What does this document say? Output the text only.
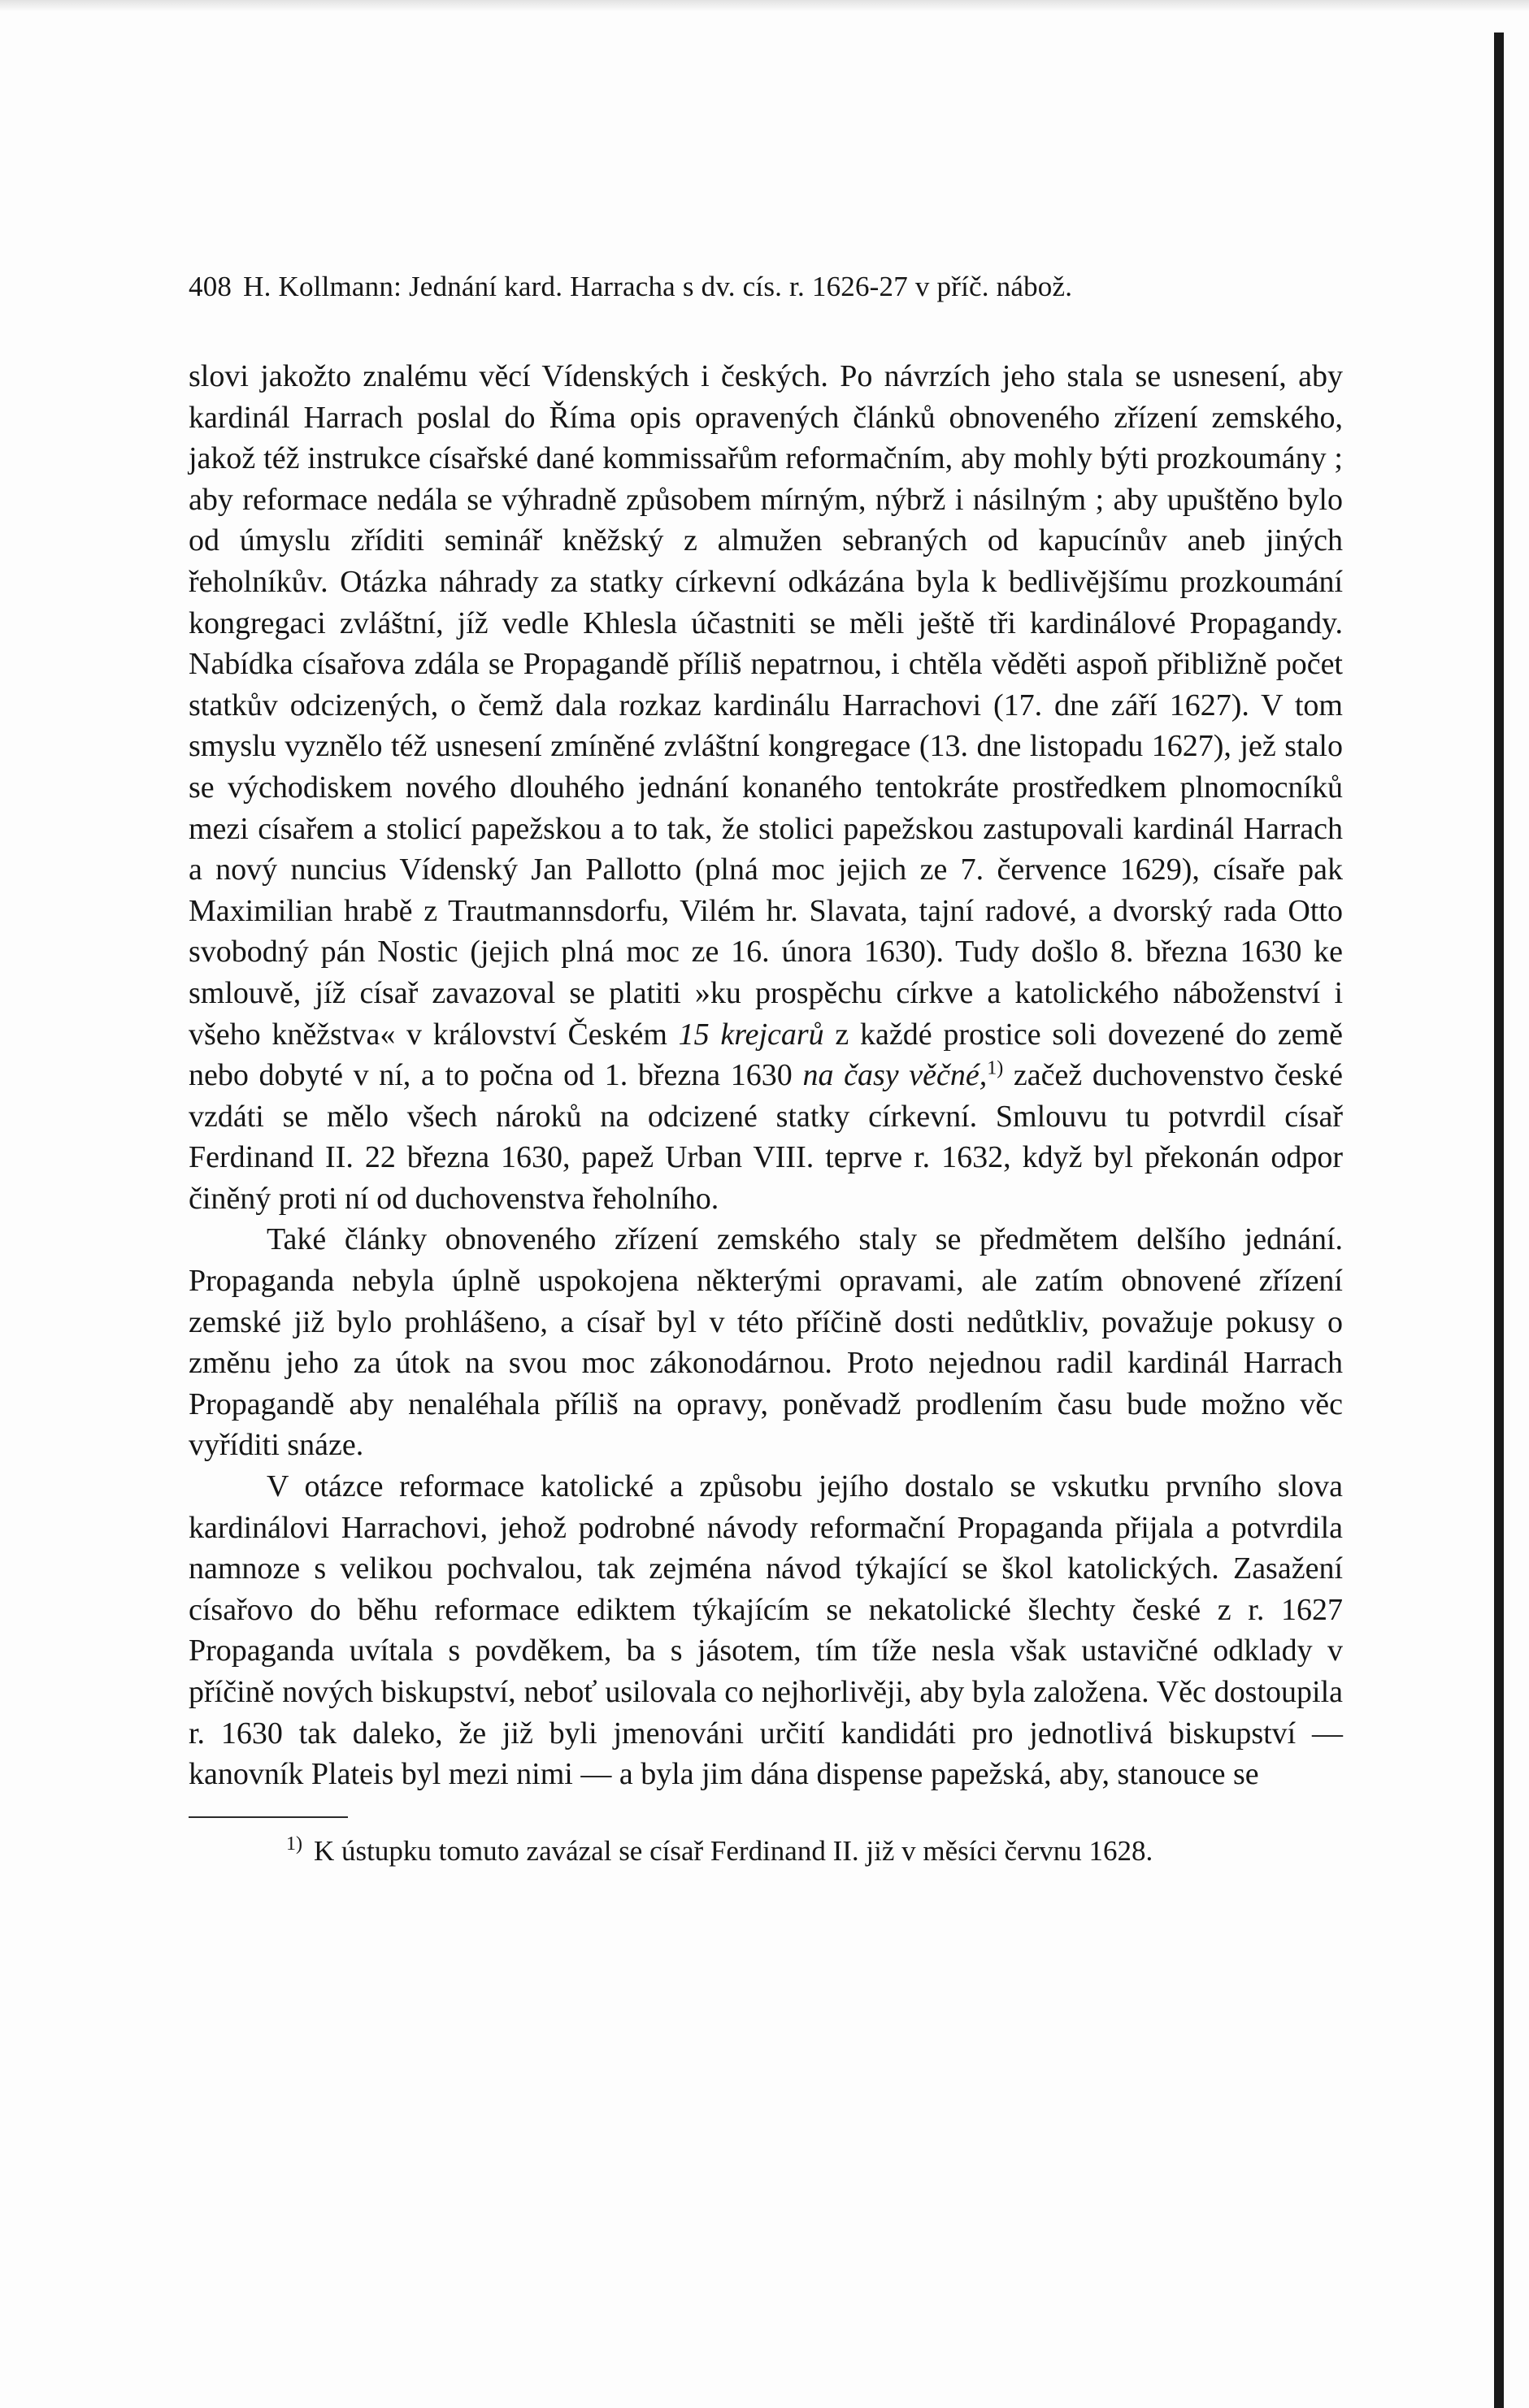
408 H. Kollmann: Jednání kard. Harracha s dv. cís. r. 1626-27 v příč. nábož.

slovi jakožto znalému věcí Vídenských i českých. Po návrzích jeho stala se usnesení, aby kardinál Harrach poslal do Říma opis opravených článků obnoveného zřízení zemského, jakož též instrukce císařské dané kommissařům reformačním, aby mohly býti prozkoumány ; aby reformace nedála se výhradně způsobem mírným, nýbrž i násilným ; aby upuštěno bylo od úmyslu zříditi seminář kněžský z almužen sebraných od kapucínův aneb jiných řeholníkův. Otázka náhrady za statky církevní odkázána byla k bedlivějšímu prozkoumání kongregaci zvláštní, jíž vedle Khlesla účastniti se měli ještě tři kardinálové Propagandy. Nabídka císařova zdála se Propagandě příliš nepatrnou, i chtěla věděti aspoň přibližně počet statkův odcizených, o čemž dala rozkaz kardinálu Harrachovi (17. dne září 1627). V tom smyslu vyznělo též usnesení zmíněné zvláštní kongregace (13. dne listopadu 1627), jež stalo se východiskem nového dlouhého jednání konaného tentokráte prostředkem plnomocníků mezi císařem a stolicí papežskou a to tak, že stolici papežskou zastupovali kardinál Harrach a nový nuncius Vídenský Jan Pallotto (plná moc jejich ze 7. července 1629), císaře pak Maximilian hrabě z Trautmannsdorfu, Vilém hr. Slavata, tajní radové, a dvorský rada Otto svobodný pán Nostic (jejich plná moc ze 16. února 1630). Tudy došlo 8. března 1630 ke smlouvě, jíž císař zavazoval se platiti »ku prospěchu církve a katolického náboženství i všeho kněžstva« v království Českém 15 krejcarů z každé prostice soli dovezené do země nebo dobyté v ní, a to počna od 1. března 1630 na časy věčné,$^{1)}$ začež duchovenstvo české vzdáti se mělo všech nároků na odcizené statky církevní. Smlouvu tu potvrdil císař Ferdinand II. 22 března 1630, papež Urban VIII. teprve r. 1632, když byl překonán odpor činěný proti ní od duchovenstva řeholního.

Také články obnoveného zřízení zemského staly se předmětem delšího jednání. Propaganda nebyla úplně uspokojena některými opravami, ale zatím obnovené zřízení zemské již bylo prohlášeno, a císař byl v této příčině dosti nedůtkliv, považuje pokusy o změnu jeho za útok na svou moc zákonodárnou. Proto nejednou radil kardinál Harrach Propagandě aby nenaléhala příliš na opravy, poněvadž prodlením času bude možno věc vyříditi snáze.

V otázce reformace katolické a způsobu jejího dostalo se vskutku prvního slova kardinálovi Harrachovi, jehož podrobné návody reformační Propaganda přijala a potvrdila namnoze s velikou pochvalou, tak zejména návod týkající se škol katolických. Zasažení císařovo do běhu reformace ediktem týkajícím se nekatolické šlechty české z r. 1627 Propaganda uvítala s povděkem, ba s jásotem, tím tíže nesla však ustavičné odklady v příčině nových biskupství, neboť usilovala co nejhorlivěji, aby byla založena. Věc dostoupila r. 1630 tak daleko, že již byli jmenováni určití kandidáti pro jednotlivá biskupství — kanovník Plateis byl mezi nimi — a byla jim dána dispense papežská, aby, stanouce se

$^{1)}$ K ústupku tomuto zavázal se císař Ferdinand II. již v měsíci červnu 1628.
